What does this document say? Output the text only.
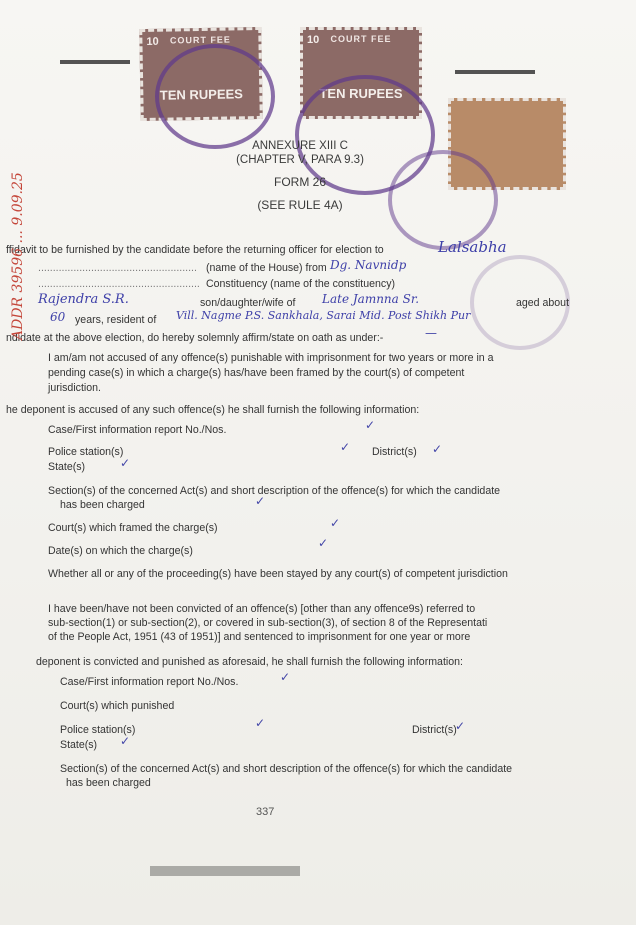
10	COURT FEE
TEN RUPEES
10	COURT FEE
TEN RUPEES
ANNEXURE XIII C
(CHAPTER V, PARA 9.3)
FORM 26
(SEE RULE 4A)
ffidavit to be furnished by the candidate before the returning officer for election to	Lalsabha
...................................................... (name of the House) from Dg. Navnidp
....................................................... Constituency (name of the constituency)
Rajendra S.R.	son/daughter/wife of Late Jamnna Sr.	aged about
60 years, resident of Vill. Nagme P.S. Sankhala, Sarai Mid. Post Shikh Pur
ndidate at the above election, do hereby solemnly affirm/state on oath as under:-	—
I am/am not accused of any offence(s) punishable with imprisonment for two years or more in a
pending case(s) in which a charge(s) has/have been framed by the court(s) of competent
jurisdiction.
he deponent is accused of any such offence(s) he shall furnish the following information:
Case/First information report No./Nos.	✓
Police station(s)	District(s)
✓	✓
State(s)	✓
Section(s) of the concerned Act(s) and short description of the offence(s) for which the candidate
has been charged	✓
Court(s) which framed the charge(s)	✓
Date(s) on which the charge(s)
✓
Whether all or any of the proceeding(s) have been stayed by any court(s) of competent jurisdiction
I have been/have not been convicted of an offence(s) [other than any offence9s) referred to
sub-section(1) or sub-section(2), or covered in sub-section(3), of section 8 of the Representati
of the People Act, 1951 (43 of 1951)] and sentenced to imprisonment for one year or more
deponent is convicted and punished as aforesaid, he shall furnish the following information:
Case/First information report No./Nos.	✓
Court(s) which punished
Police station(s)	District(s)
✓	✓
State(s) ✓
Section(s) of the concerned Act(s) and short description of the offence(s) for which the candidate
has been charged
337
ADDR 39596 ... 9.09.25
